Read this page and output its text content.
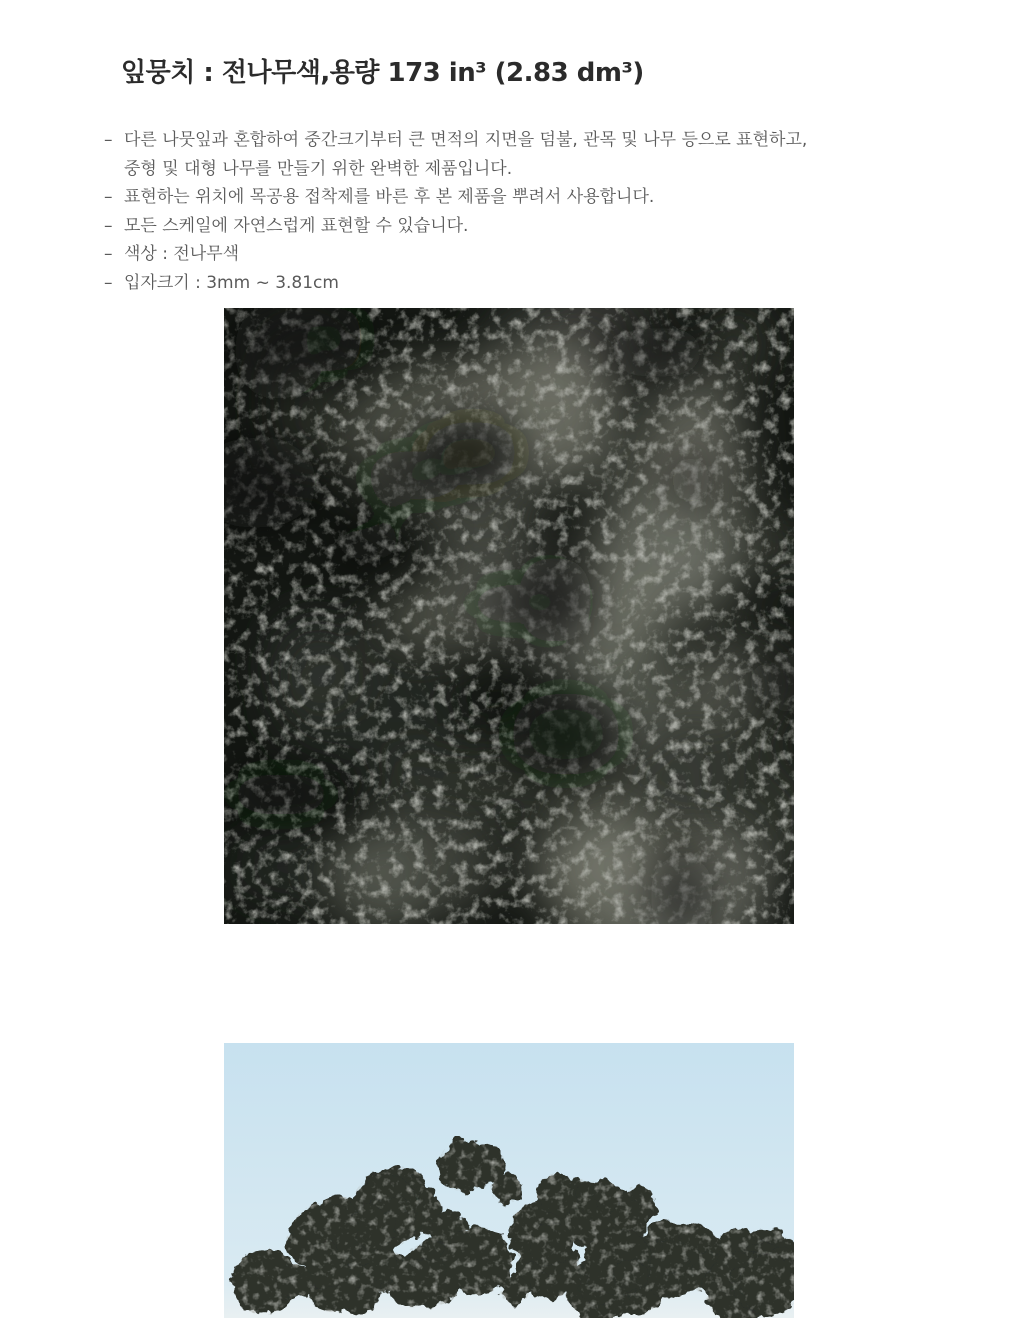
잎뭉치 : 전나무색,용량 173 in³ (2.83 dm³)
– 다른 나뭇잎과 혼합하여 중간크기부터 큰 면적의 지면을 덤불, 관목 및 나무 등으로 표현하고,
중형 및 대형 나무를 만들기 위한 완벽한 제품입니다.
– 표현하는 위치에 목공용 접착제를 바른 후 본 제품을 뿌려서 사용합니다.
– 모든 스케일에 자연스럽게 표현할 수 있습니다.
– 색상 : 전나무색
– 입자크기 : 3mm ~ 3.81cm
